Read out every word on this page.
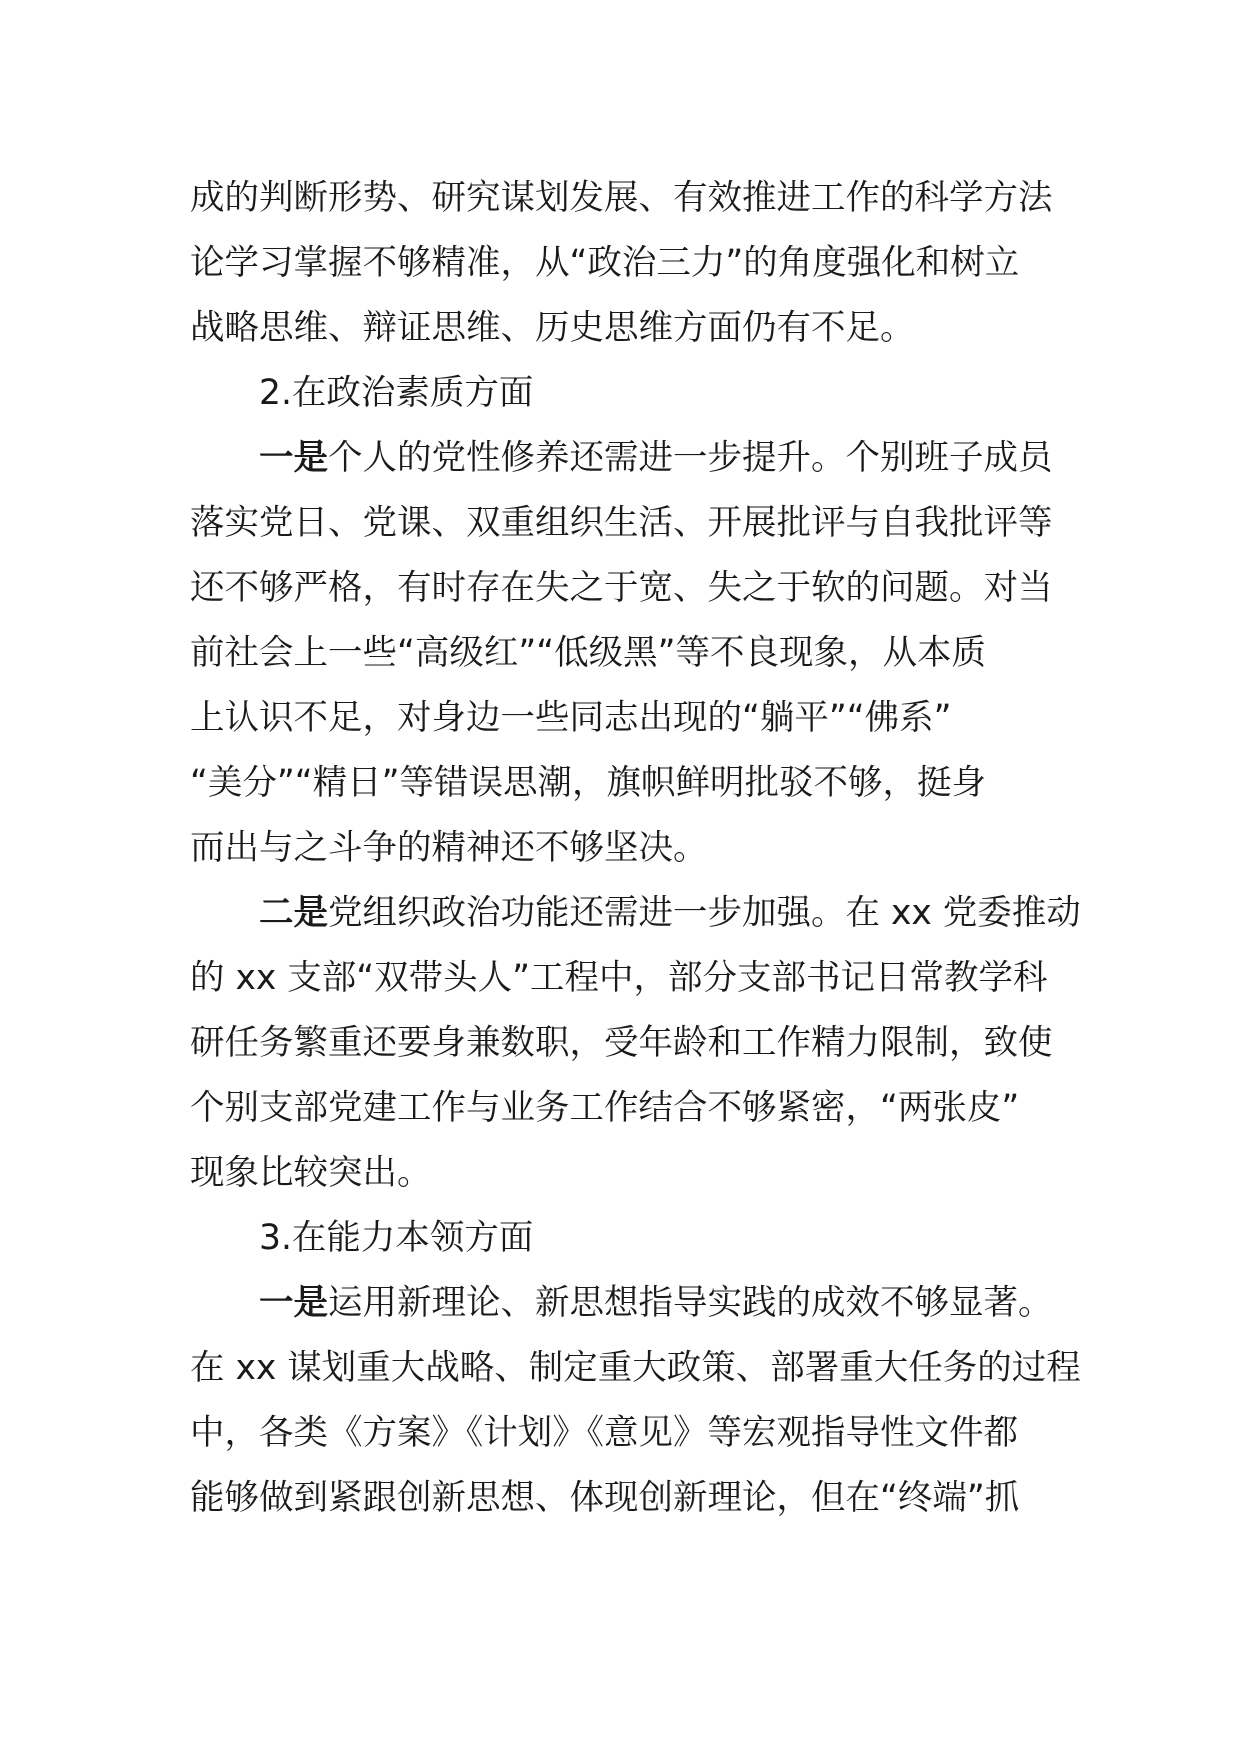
成的判断形势、研究谋划发展、有效推进工作的科学方法
论学习掌握不够精准，从“政治三力”的角度强化和树立
战略思维、辩证思维、历史思维方面仍有不足。
2.在政治素质方面
一是个人的党性修养还需进一步提升。个别班子成员
落实党日、党课、双重组织生活、开展批评与自我批评等
还不够严格，有时存在失之于宽、失之于软的问题。对当
前社会上一些“高级红”“低级黑”等不良现象，从本质
上认识不足，对身边一些同志出现的“躺平”“佛系”
“美分”“精日”等错误思潮，旗帜鲜明批驳不够，挺身
而出与之斗争的精神还不够坚决。
二是党组织政治功能还需进一步加强。在 xx 党委推动
的 xx 支部“双带头人”工程中，部分支部书记日常教学科
研任务繁重还要身兼数职，受年龄和工作精力限制，致使
个别支部党建工作与业务工作结合不够紧密，“两张皮”
现象比较突出。
3.在能力本领方面
一是运用新理论、新思想指导实践的成效不够显著。
在 xx 谋划重大战略、制定重大政策、部署重大任务的过程
中，各类《方案》《计划》《意见》等宏观指导性文件都
能够做到紧跟创新思想、体现创新理论，但在“终端”抓
